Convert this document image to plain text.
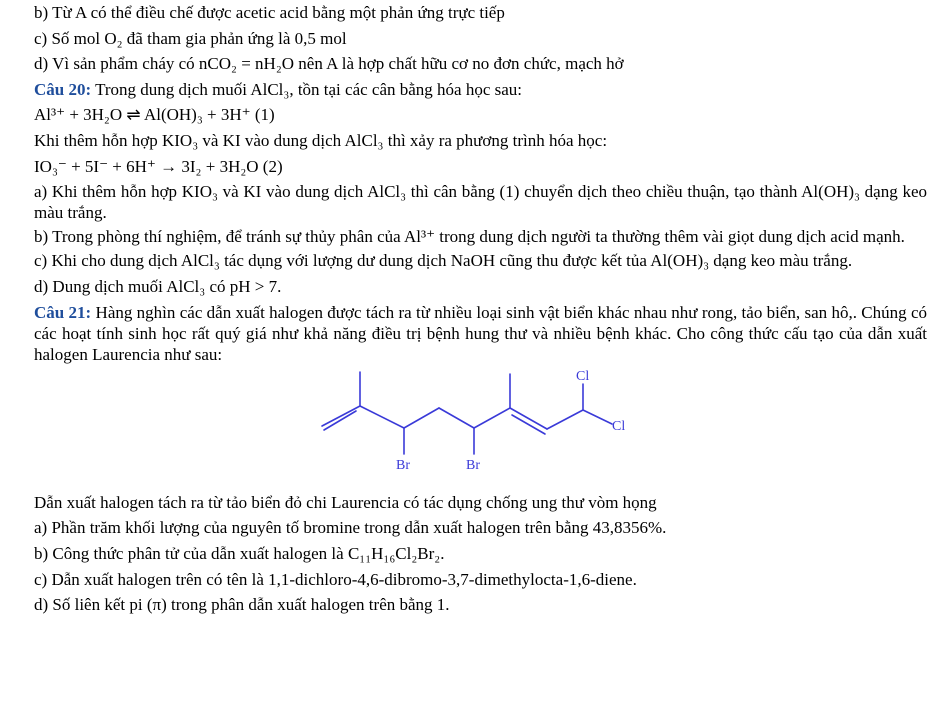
b) Từ A có thể điều chế được acetic acid bằng một phản ứng trực tiếp
c) Số mol O₂ đã tham gia phản ứng là 0,5 mol
d) Vì sản phẩm cháy có nCO₂ = nH₂O nên A là hợp chất hữu cơ no đơn chức, mạch hở
Câu 20: Trong dung dịch muối AlCl₃, tồn tại các cân bằng hóa học sau:
Al³⁺ + 3H₂O ⇌ Al(OH)₃ + 3H⁺ (1)
Khi thêm hỗn hợp KIO₃ và KI vào dung dịch AlCl₃ thì xảy ra phương trình hóa học:
IO₃⁻ + 5I⁻ + 6H⁺ → 3I₂ + 3H₂O (2)
a) Khi thêm hỗn hợp KIO₃ và KI vào dung dịch AlCl₃ thì cân bằng (1) chuyển dịch theo chiều thuận, tạo thành Al(OH)₃ dạng keo màu trắng.
b) Trong phòng thí nghiệm, để tránh sự thủy phân của Al³⁺ trong dung dịch người ta thường thêm vài giọt dung dịch acid mạnh.
c) Khi cho dung dịch AlCl₃ tác dụng với lượng dư dung dịch NaOH cũng thu được kết tủa Al(OH)₃ dạng keo màu trắng.
d) Dung dịch muối AlCl₃ có pH > 7.
Câu 21: Hàng nghìn các dẫn xuất halogen được tách ra từ nhiều loại sinh vật biển khác nhau như rong, tảo biển, san hô,. Chúng có các hoạt tính sinh học rất quý giá như khả năng điều trị bệnh hung thư và nhiều bệnh khác. Cho công thức cấu tạo của dẫn xuất halogen Laurencia như sau:
Cl
Cl
Br	Br
Dẫn xuất halogen tách ra từ tảo biển đỏ chi Laurencia có tác dụng chống ung thư vòm họng
a) Phần trăm khối lượng của nguyên tố bromine trong dẫn xuất halogen trên bằng 43,8356%.
b) Công thức phân tử của dẫn xuất halogen là C₁₁H₁₆Cl₂Br₂.
c) Dẫn xuất halogen trên có tên là 1,1-dichloro-4,6-dibromo-3,7-dimethylocta-1,6-diene.
d) Số liên kết pi (π) trong phân dẫn xuất halogen trên bằng 1.
